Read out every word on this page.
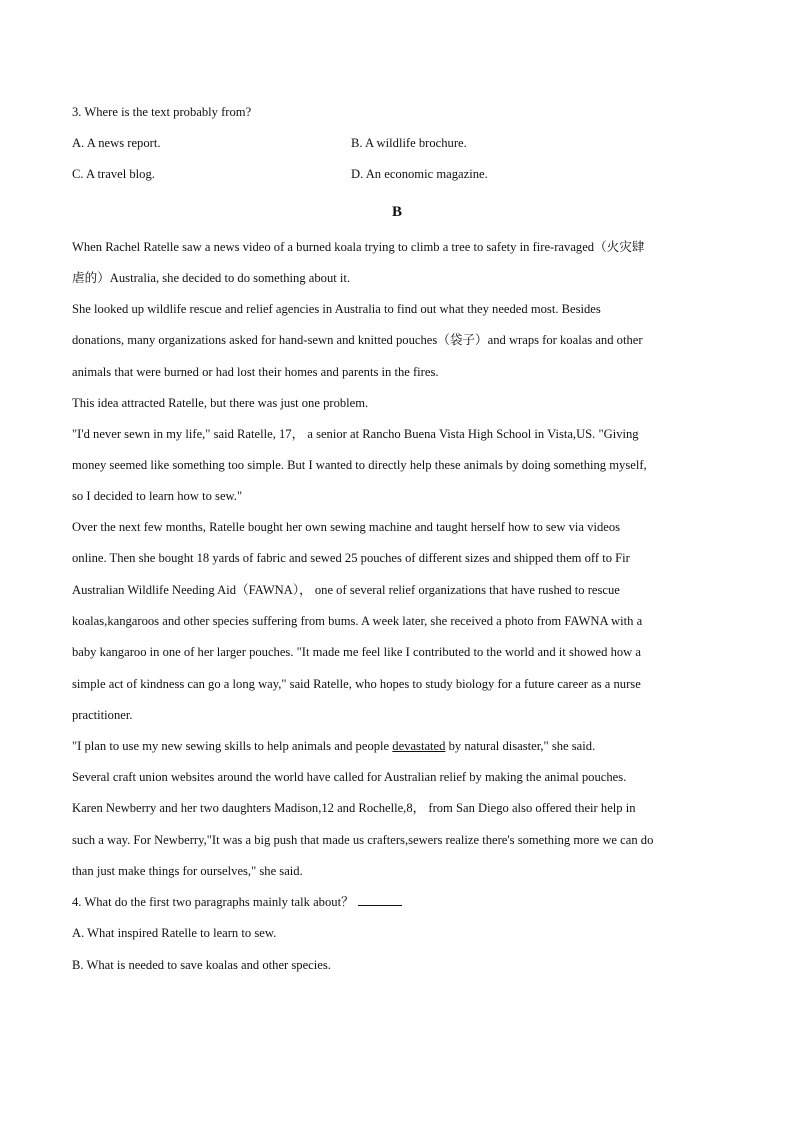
3. Where is the text probably from?
A. A news report.	B. A wildlife brochure.
C. A travel blog.	D. An economic magazine.
B
When Rachel Ratelle saw a news video of a burned koala trying to climb a tree to safety in fire-ravaged（火灾肆
虐的）Australia, she decided to do something about it.
She looked up wildlife rescue and relief agencies in Australia to find out what they needed most. Besides
donations, many organizations asked for hand-sewn and knitted pouches（袋子）and wraps for koalas and other
animals that were burned or had lost their homes and parents in the fires.
This idea attracted Ratelle, but there was just one problem.
"I'd never sewn in my life," said Ratelle, 17， a senior at Rancho Buena Vista High School in Vista,US. "Giving
money seemed like something too simple. But I wanted to directly help these animals by doing something myself,
so I decided to learn how to sew."
Over the next few months, Ratelle bought her own sewing machine and taught herself how to sew via videos
online. Then she bought 18 yards of fabric and sewed 25 pouches of different sizes and shipped them off to Fir
Australian Wildlife Needing Aid（FAWNA）， one of several relief organizations that have rushed to rescue
koalas,kangaroos and other species suffering from bums. A week later, she received a photo from FAWNA with a
baby kangaroo in one of her larger pouches. "It made me feel like I contributed to the world and it showed how a
simple act of kindness can go a long way," said Ratelle, who hopes to study biology for a future career as a nurse
practitioner.
"I plan to use my new sewing skills to help animals and people devastated by natural disaster," she said.
Several craft union websites around the world have called for Australian relief by making the animal pouches.
Karen Newberry and her two daughters Madison,12 and Rochelle,8， from San Diego also offered their help in
such a way. For Newberry,"It was a big push that made us crafters,sewers realize there's something more we can do
than just make things for ourselves," she said.
4. What do the first two paragraphs mainly talk about？
A. What inspired Ratelle to learn to sew.
B. What is needed to save koalas and other species.
